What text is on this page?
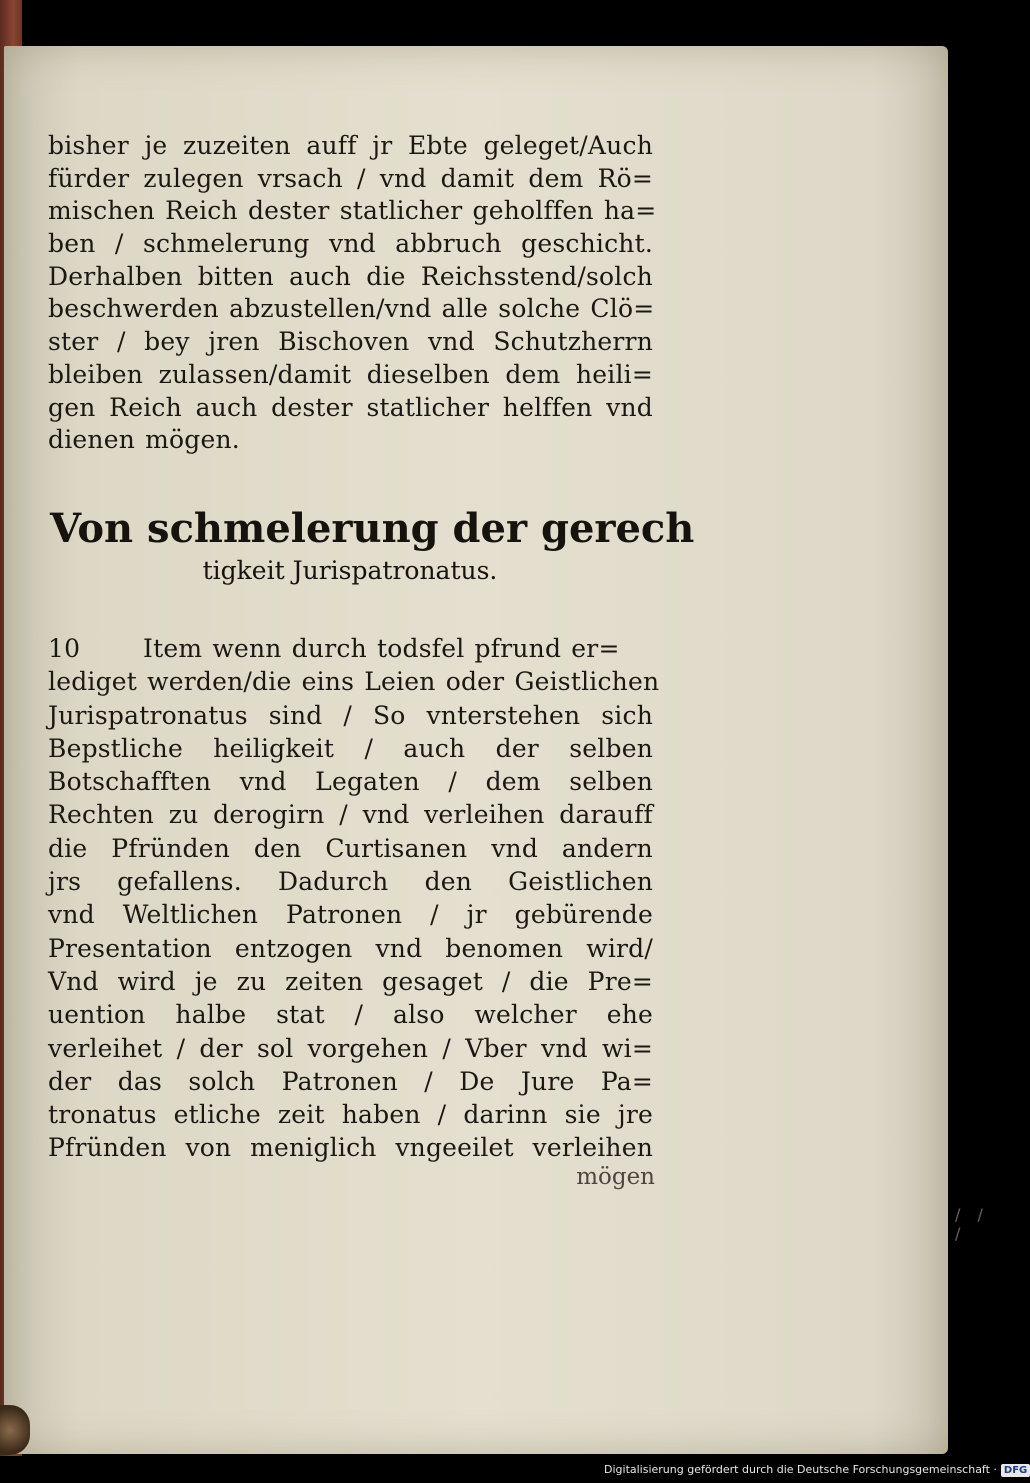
/ / /
bisher je zuzeiten auff jr Ebte geleget/Auch
fürder zulegen vrsach / vnd damit dem Rö=
mischen Reich dester statlicher geholffen ha=
ben / schmelerung vnd abbruch geschicht.
Derhalben bitten auch die Reichsstend/solch
beschwerden abzustellen/vnd alle solche Clö=
ster / bey jren Bischoven vnd Schutzherrn
bleiben zulassen/damit dieselben dem heili=
gen Reich auch dester statlicher helffen vnd
dienen mögen.
Von schmelerung der gerech
tigkeit Jurispatronatus.
10	Item wenn durch todsfel pfrund er=
lediget werden/die eins Leien oder Geistlichen
Jurispatronatus sind / So vnterstehen sich
Bepstliche heiligkeit / auch der selben
Botschafften vnd Legaten / dem selben
Rechten zu derogirn / vnd verleihen darauff
die Pfründen den Curtisanen vnd andern
jrs gefallens. Dadurch den Geistlichen
vnd Weltlichen Patronen / jr gebürende
Presentation entzogen vnd benomen wird/
Vnd wird je zu zeiten gesaget / die Pre=
uention halbe stat / also welcher ehe
verleihet / der sol vorgehen / Vber vnd wi=
der das solch Patronen / De Jure Pa=
tronatus etliche zeit haben / darinn sie jre
Pfründen von meniglich vngeeilet verleihen
mögen
Digitalisierung gefördert durch die Deutsche Forschungsgemeinschaft · DFG
